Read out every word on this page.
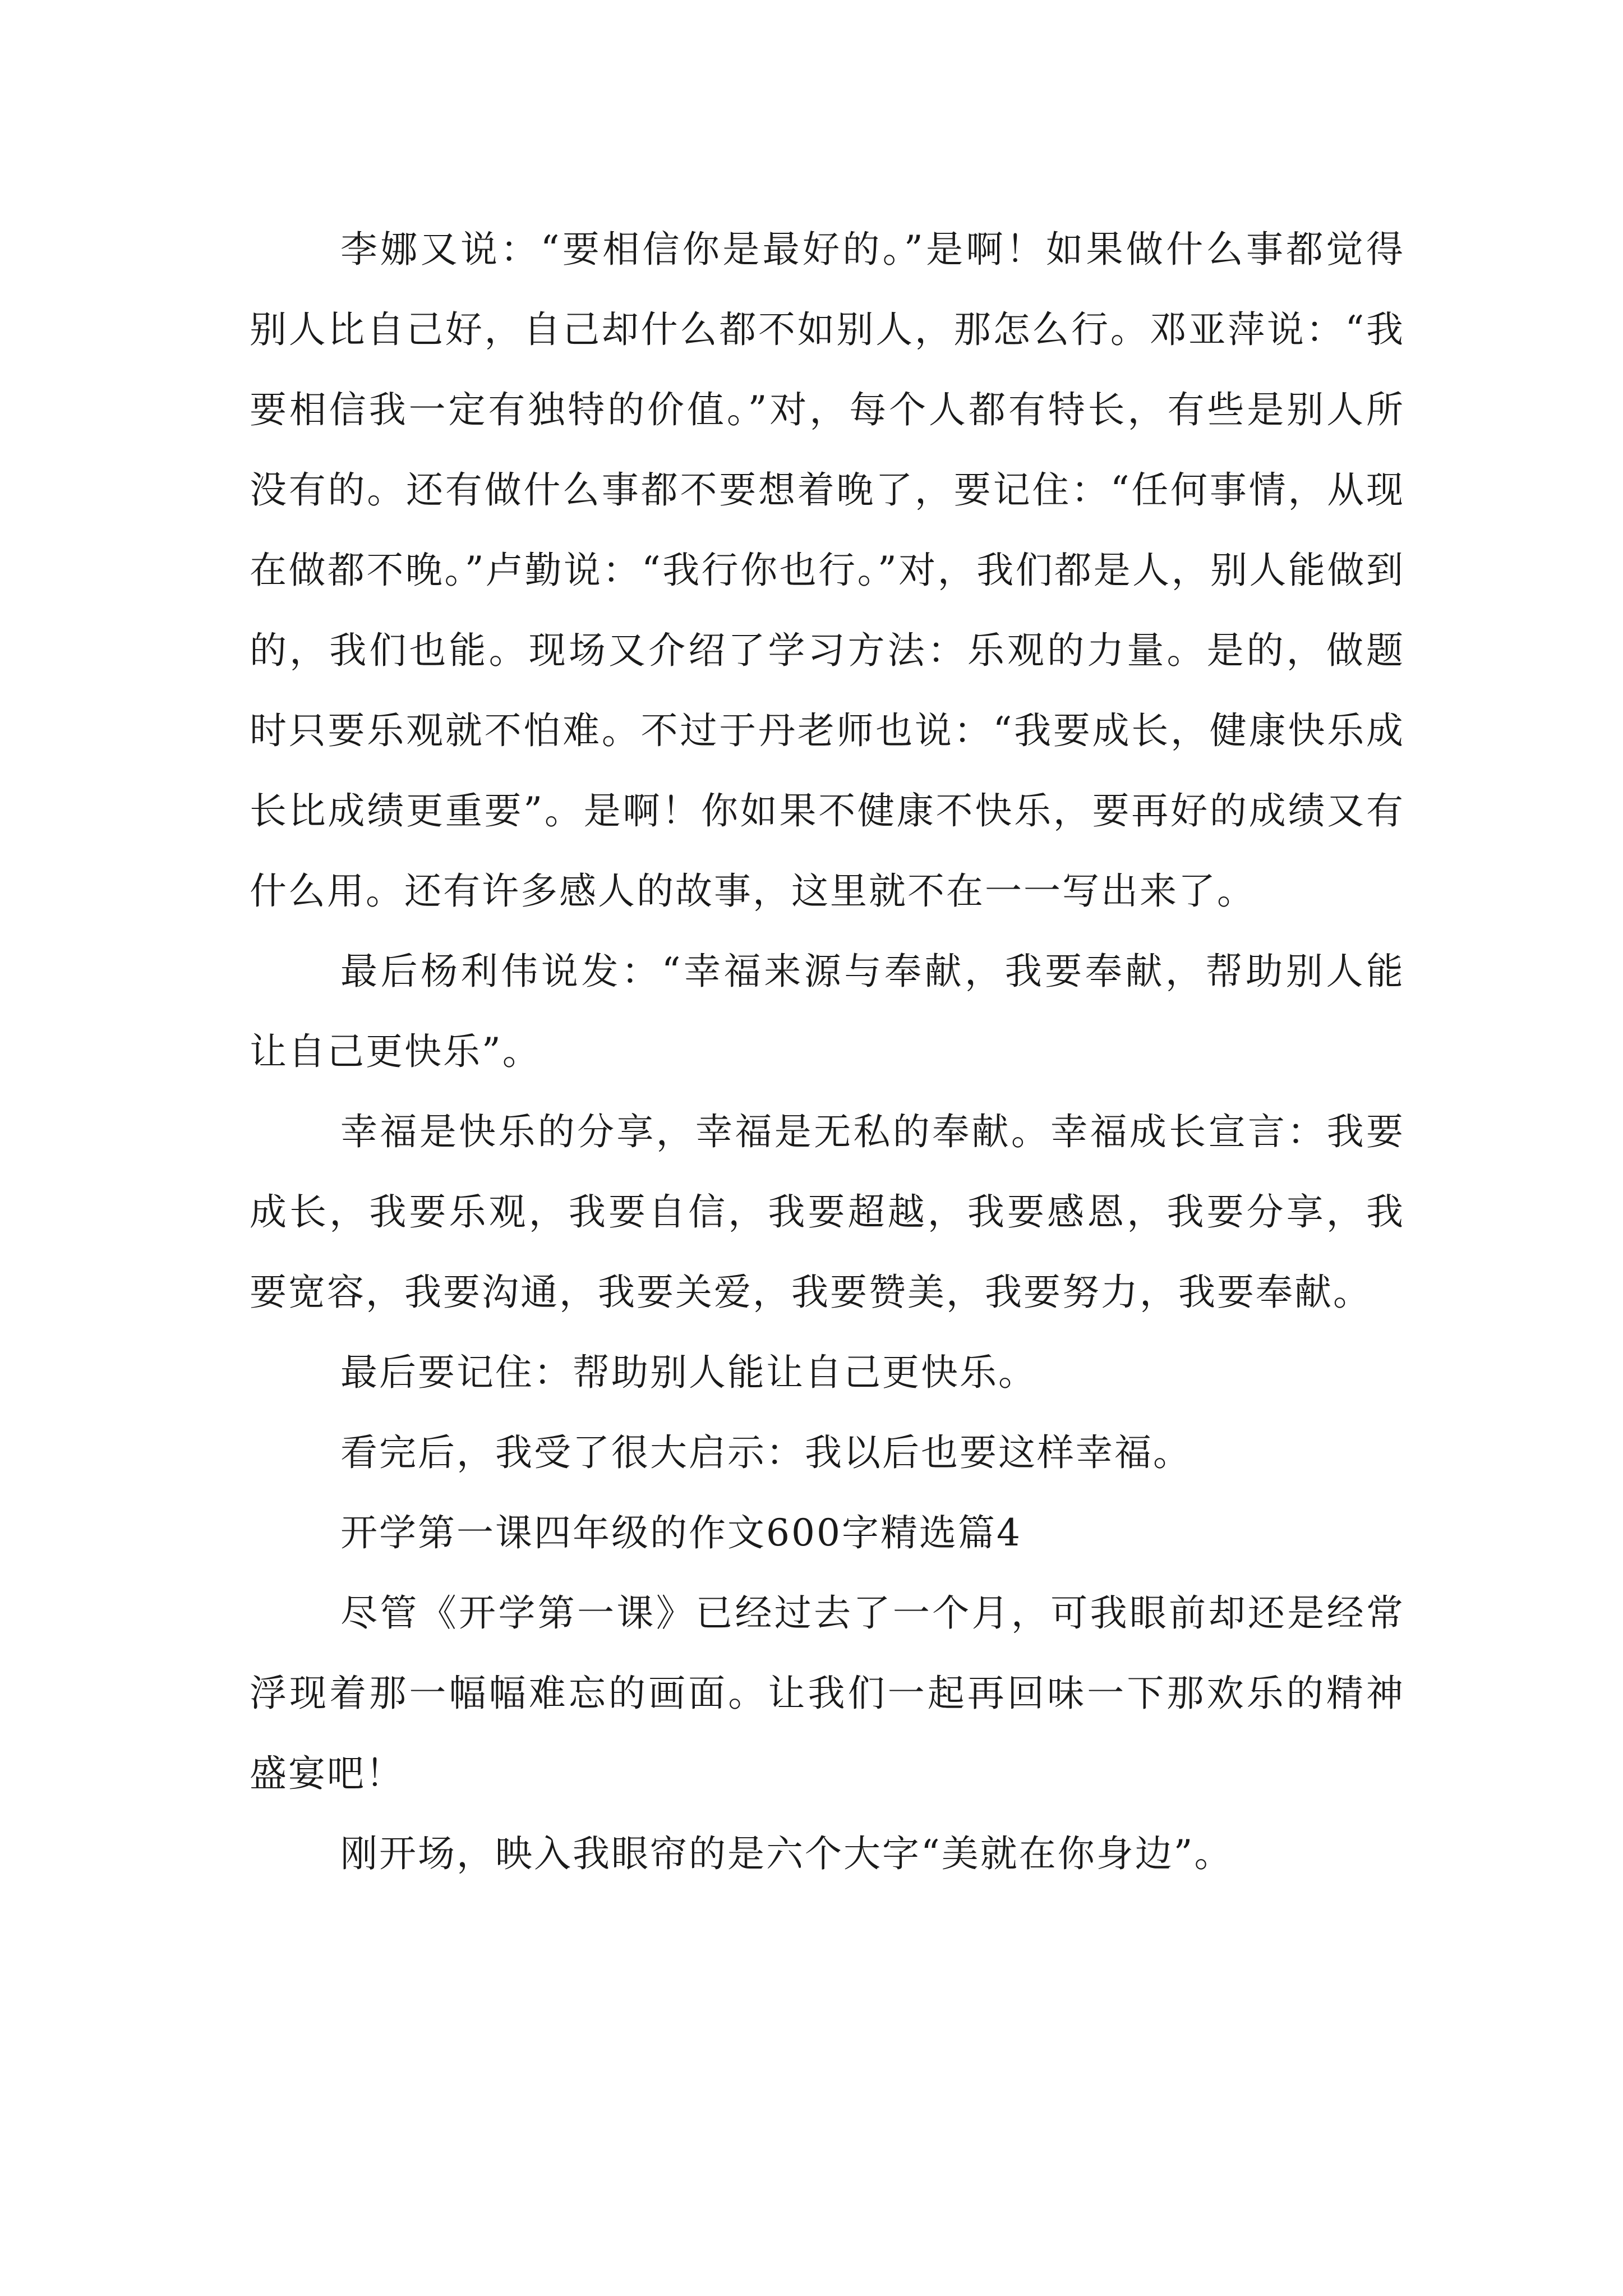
李娜又说：“要相信你是最好的。”是啊！如果做什么事都觉得别人比自己好，自己却什么都不如别人，那怎么行。邓亚萍说：“我要相信我一定有独特的价值。”对，每个人都有特长，有些是别人所没有的。还有做什么事都不要想着晚了，要记住：“任何事情，从现在做都不晚。”卢勤说：“我行你也行。”对，我们都是人，别人能做到的，我们也能。现场又介绍了学习方法：乐观的力量。是的，做题时只要乐观就不怕难。不过于丹老师也说：“我要成长，健康快乐成长比成绩更重要”。是啊！你如果不健康不快乐，要再好的成绩又有什么用。还有许多感人的故事，这里就不在一一写出来了。

最后杨利伟说发：“幸福来源与奉献，我要奉献，帮助别人能让自己更快乐”。

幸福是快乐的分享，幸福是无私的奉献。幸福成长宣言：我要成长，我要乐观，我要自信，我要超越，我要感恩，我要分享，我要宽容，我要沟通，我要关爱，我要赞美，我要努力，我要奉献。

最后要记住：帮助别人能让自己更快乐。

看完后，我受了很大启示：我以后也要这样幸福。

开学第一课四年级的作文600字精选篇4

尽管《开学第一课》已经过去了一个月，可我眼前却还是经常浮现着那一幅幅难忘的画面。让我们一起再回味一下那欢乐的精神盛宴吧！

刚开场，映入我眼帘的是六个大字“美就在你身边”。
